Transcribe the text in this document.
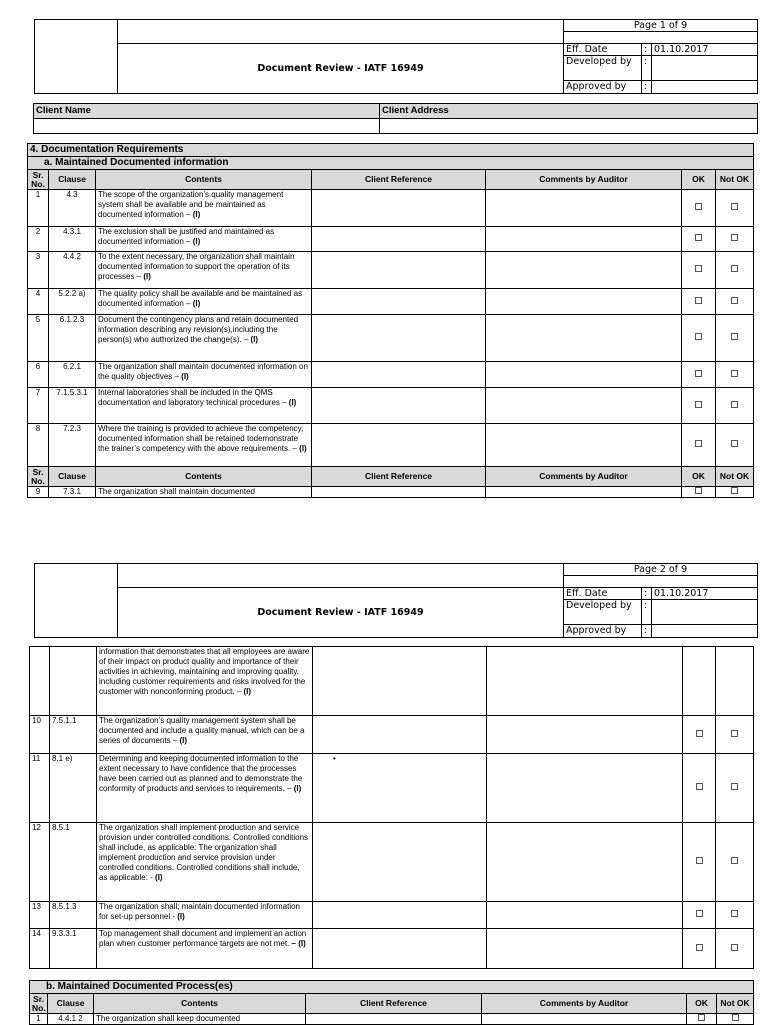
		Page 1 of 9		

	Document Review - IATF 16949	Eff. Date	:	01.10.2017
		Developed by	:	
		Approved by	:	
Client Name	Client Address

4. Documentation Requirements						
a. Maintained Documented information						
Sr. No.	Clause	Contents	Client Reference	Comments by Auditor	OK	Not OK
1	4.3	The scope of the organization’s quality management system shall be available and be maintained as documented information – (I)				
2	4.3.1	The exclusion shall be justified and maintained as documented information – (I)				
3	4.4.2	To the extent necessary, the organization shall maintain documented information to support the operation of its processes – (I)				
4	5.2.2 a)	The quality policy shall be available and be maintained as documented information – (I)				
5	6.1.2.3	Document the contingency plans and retain documented information describing any revision(s),including the person(s) who authorized the change(s). – (I)				
6	6.2.1	The organization shall maintain documented information on the quality objectives – (I)				
7	7.1.5.3.1	Internal laboratories shall be included in the QMS documentation and laboratory technical procedures – (I)				
8	7.2.3	Where the training is provided to achieve the competency, documented information shall be retained todemonstrate the trainer’s competency with the above requirements. – (I)				
Sr. No.	Clause	Contents	Client Reference	Comments by Auditor	OK	Not OK
9	7.3.1	The organization shall maintain documented				
		Page 2 of 9		

	Document Review - IATF 16949	Eff. Date	:	01.10.2017
		Developed by	:	
		Approved by	:	
		information that demonstrates that all employees are aware of their impact on product quality and importance of their activities in achieving, maintaining and improving quality, including customer requirements and risks involved for the customer with nonconforming product. – (I)				
10	7.5.1.1	The organization’s quality management system shall be documented and include a quality manual, which can be a series of documents – (I)				
11	8.1 e)	Determining and keeping documented information to the extent necessary to have confidence that the processes have been carried out as planned and to demonstrate the conformity of products and services to requirements. – (I)	•			
12	8.5.1	The organization shall implement production and service provision under controlled conditions. Controlled conditions shall include, as applicable: The organization shall implement production and service provision under controlled conditions. Controlled conditions shall include, as applicable: - (I)				
13	8.5.1.3	The organization shall; maintain documented information for set-up personnel - (I)				
14	9.3.3.1	Top management shall document and implement an action plan when customer performance targets are not met. – (I)				
b. Maintained Documented Process(es)						
Sr. No.	Clause	Contents	Client Reference	Comments by Auditor	OK	Not OK
1	4.4.1 2	The organization shall keep documented				
